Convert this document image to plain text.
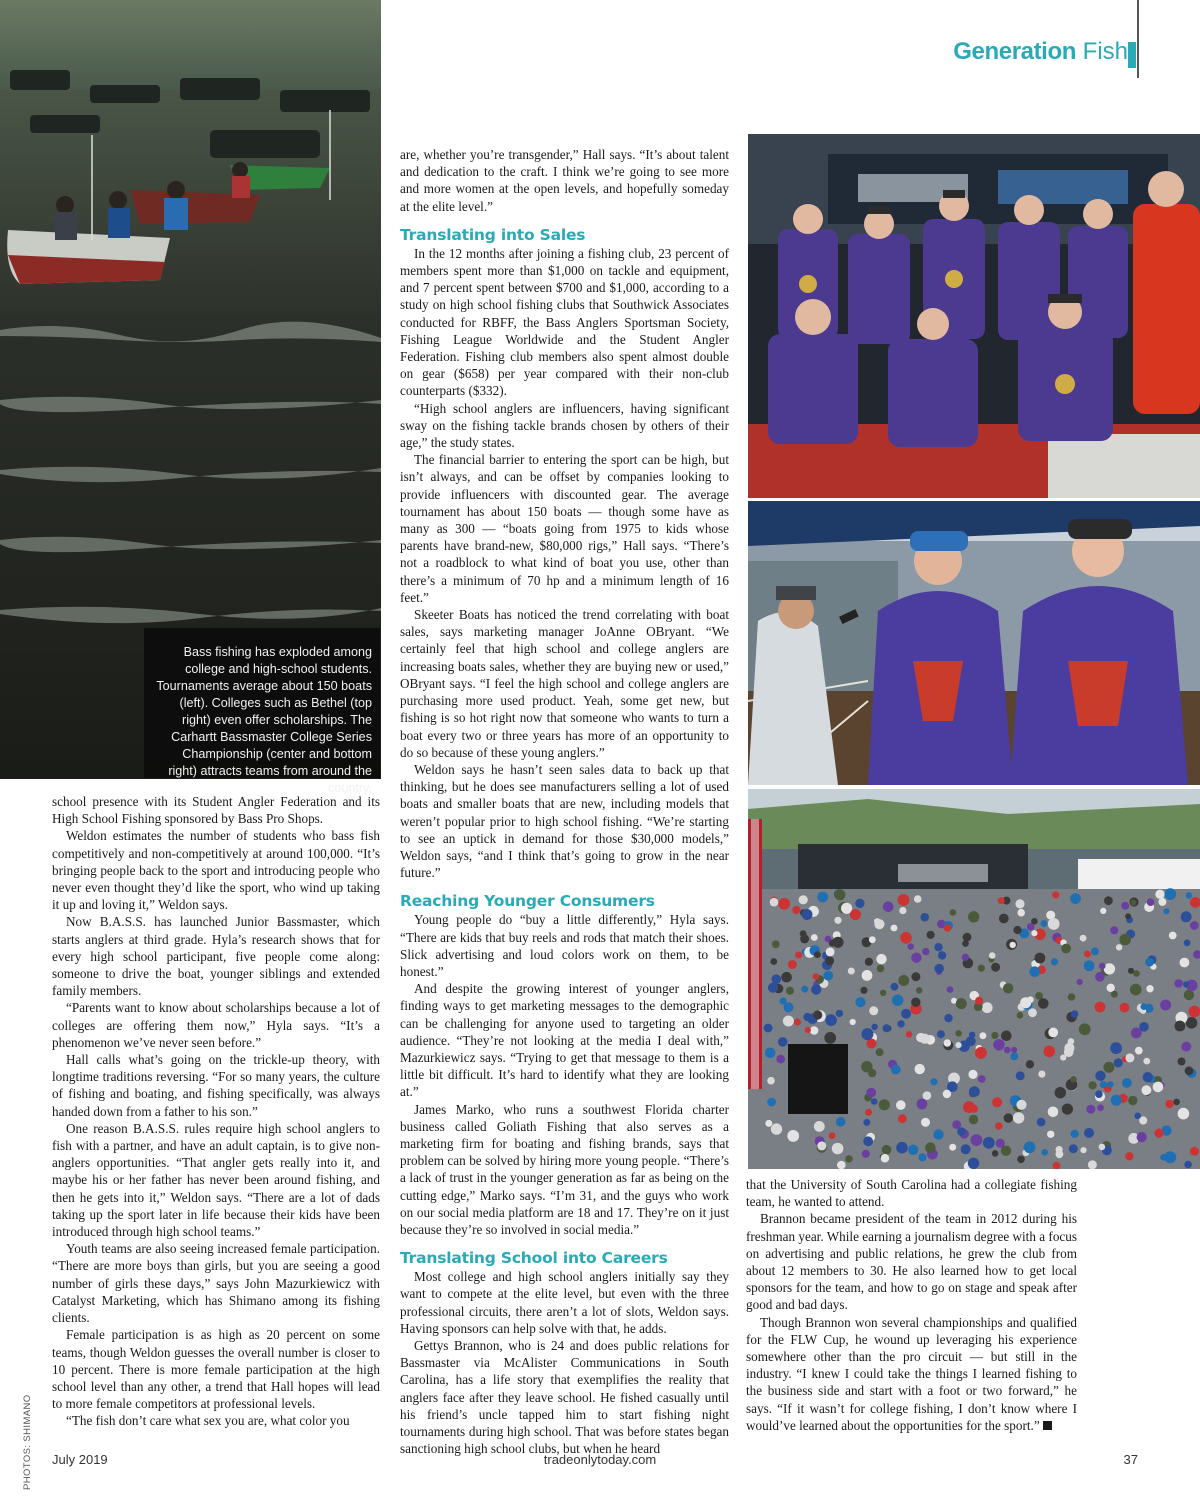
Generation Fish
Bass fishing has exploded among college and high-school students. Tournaments average about 150 boats (left). Colleges such as Bethel (top right) even offer scholarships. The Carhartt Bassmaster College Series Championship (center and bottom right) attracts teams from around the country.

school presence with its Student Angler Federation and its High School Fishing sponsored by Bass Pro Shops.

Weldon estimates the number of students who bass fish competitively and non-competitively at around 100,000. “It’s bringing people back to the sport and introducing people who never even thought they’d like the sport, who wind up taking it up and loving it,” Weldon says.

Now B.A.S.S. has launched Junior Bassmaster, which starts anglers at third grade. Hyla’s research shows that for every high school participant, five people come along: someone to drive the boat, younger siblings and extended family members.

“Parents want to know about scholarships because a lot of colleges are offering them now,” Hyla says. “It’s a phenomenon we’ve never seen before.”

Hall calls what’s going on the trickle-up theory, with longtime traditions reversing. “For so many years, the culture of fishing and boating, and fishing specifically, was always handed down from a father to his son.”

One reason B.A.S.S. rules require high school anglers to fish with a partner, and have an adult captain, is to give non-anglers opportunities. “That angler gets really into it, and maybe his or her father has never been around fishing, and then he gets into it,” Weldon says. “There are a lot of dads taking up the sport later in life because their kids have been introduced through high school teams.”

Youth teams are also seeing increased female participation. “There are more boys than girls, but you are seeing a good number of girls these days,” says John Mazurkiewicz with Catalyst Marketing, which has Shimano among its fishing clients.

Female participation is as high as 20 percent on some teams, though Weldon guesses the overall number is closer to 10 percent. There is more female participation at the high school level than any other, a trend that Hall hopes will lead to more female competitors at professional levels.

“The fish don’t care what sex you are, what color you

are, whether you’re transgender,” Hall says. “It’s about talent and dedication to the craft. I think we’re going to see more and more women at the open levels, and hopefully someday at the elite level.”

Translating into Sales

In the 12 months after joining a fishing club, 23 percent of members spent more than $1,000 on tackle and equipment, and 7 percent spent between $700 and $1,000, according to a study on high school fishing clubs that Southwick Associates conducted for RBFF, the Bass Anglers Sportsman Society, Fishing League Worldwide and the Student Angler Federation. Fishing club members also spent almost double on gear ($658) per year compared with their non-club counterparts ($332).

“High school anglers are influencers, having significant sway on the fishing tackle brands chosen by others of their age,” the study states.

The financial barrier to entering the sport can be high, but isn’t always, and can be offset by companies looking to provide influencers with discounted gear. The average tournament has about 150 boats — though some have as many as 300 — “boats going from 1975 to kids whose parents have brand-new, $80,000 rigs,” Hall says. “There’s not a roadblock to what kind of boat you use, other than there’s a minimum of 70 hp and a minimum length of 16 feet.”

Skeeter Boats has noticed the trend correlating with boat sales, says marketing manager JoAnne OBryant. “We certainly feel that high school and college anglers are increasing boats sales, whether they are buying new or used,” OBryant says. “I feel the high school and college anglers are purchasing more used product. Yeah, some get new, but fishing is so hot right now that someone who wants to turn a boat every two or three years has more of an opportunity to do so because of these young anglers.”

Weldon says he hasn’t seen sales data to back up that thinking, but he does see manufacturers selling a lot of used boats and smaller boats that are new, including models that weren’t popular prior to high school fishing. “We’re starting to see an uptick in demand for those $30,000 models,” Weldon says, “and I think that’s going to grow in the near future.”

Reaching Younger Consumers

Young people do “buy a little differently,” Hyla says. “There are kids that buy reels and rods that match their shoes. Slick advertising and loud colors work on them, to be honest.”

And despite the growing interest of younger anglers, finding ways to get marketing messages to the demographic can be challenging for anyone used to targeting an older audience. “They’re not looking at the media I deal with,” Mazurkiewicz says. “Trying to get that message to them is a little bit difficult. It’s hard to identify what they are looking at.”

James Marko, who runs a southwest Florida charter business called Goliath Fishing that also serves as a marketing firm for boating and fishing brands, says that problem can be solved by hiring more young people. “There’s a lack of trust in the younger generation as far as being on the cutting edge,” Marko says. “I’m 31, and the guys who work on our social media platform are 18 and 17. They’re on it just because they’re so involved in social media.”

Translating School into Careers

Most college and high school anglers initially say they want to compete at the elite level, but even with the three professional circuits, there aren’t a lot of slots, Weldon says. Having sponsors can help solve with that, he adds.

Gettys Brannon, who is 24 and does public relations for Bassmaster via McAlister Communications in South Carolina, has a life story that exemplifies the reality that anglers face after they leave school. He fished casually until his friend’s uncle tapped him to start fishing night tournaments during high school. That was before states began sanctioning high school clubs, but when he heard

that the University of South Carolina had a collegiate fishing team, he wanted to attend.

Brannon became president of the team in 2012 during his freshman year. While earning a journalism degree with a focus on advertising and public relations, he grew the club from about 12 members to 30. He also learned how to get local sponsors for the team, and how to go on stage and speak after good and bad days.

Though Brannon won several championships and qualified for the FLW Cup, he wound up leveraging his experience somewhere other than the pro circuit — but still in the industry. “I knew I could take the things I learned fishing to the business side and start with a foot or two forward,” he says. “If it wasn’t for college fishing, I don’t know where I would’ve learned about the opportunities for the sport.”

PHOTOS: SHIMANO July 2019	tradeonlytoday.com	37
